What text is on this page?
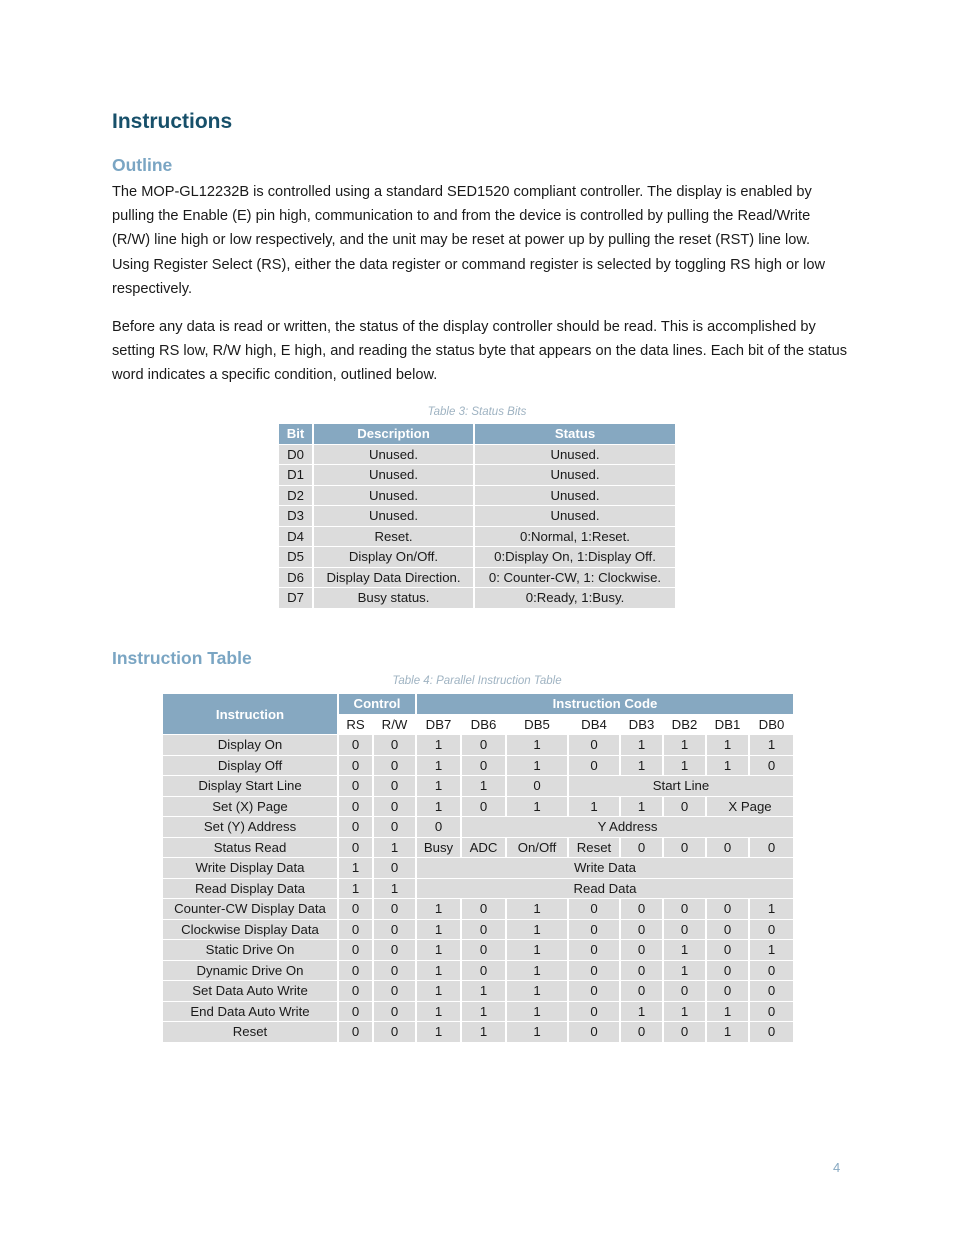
Instructions
Outline

The MOP-GL12232B is controlled using a standard SED1520 compliant controller. The display is enabled by pulling the Enable (E) pin high, communication to and from the device is controlled by pulling the Read/Write (R/W) line high or low respectively, and the unit may be reset at power up by pulling the reset (RST) line low. Using Register Select (RS), either the data register or command register is selected by toggling RS high or low respectively.

Before any data is read or written, the status of the display controller should be read. This is accomplished by setting RS low, R/W high, E high, and reading the status byte that appears on the data lines. Each bit of the status word indicates a specific condition, outlined below.

Table 3: Status Bits

Bit	Description	Status
D0	Unused.	Unused.
D1	Unused.	Unused.
D2	Unused.	Unused.
D3	Unused.	Unused.
D4	Reset.	0:Normal, 1:Reset.
D5	Display On/Off.	0:Display On, 1:Display Off.
D6	Display Data Direction.	0: Counter-CW, 1: Clockwise.
D7	Busy status.	0:Ready, 1:Busy.
Instruction Table

Table 4: Parallel Instruction Table

Instruction	Control		Instruction Code							
	RS	R/W	DB7	DB6	DB5	DB4	DB3	DB2	DB1	DB0
Display On	0	0	1	0	1	0	1	1	1	1
Display Off	0	0	1	0	1	0	1	1	1	0
Display Start Line	0	0	1	1	0	Start Line				
Set (X) Page	0	0	1	0	1	1	1	0	X Page	
Set (Y) Address	0	0	0	Y Address						
Status Read	0	1	Busy	ADC	On/Off	Reset	0	0	0	0
Write Display Data	1	0	Write Data							
Read Display Data	1	1	Read Data							
Counter-CW Display Data	0	0	1	0	1	0	0	0	0	1
Clockwise Display Data	0	0	1	0	1	0	0	0	0	0
Static Drive On	0	0	1	0	1	0	0	1	0	1
Dynamic Drive On	0	0	1	0	1	0	0	1	0	0
Set Data Auto Write	0	0	1	1	1	0	0	0	0	0
End Data Auto Write	0	0	1	1	1	0	1	1	1	0
Reset	0	0	1	1	1	0	0	0	1	0

4
